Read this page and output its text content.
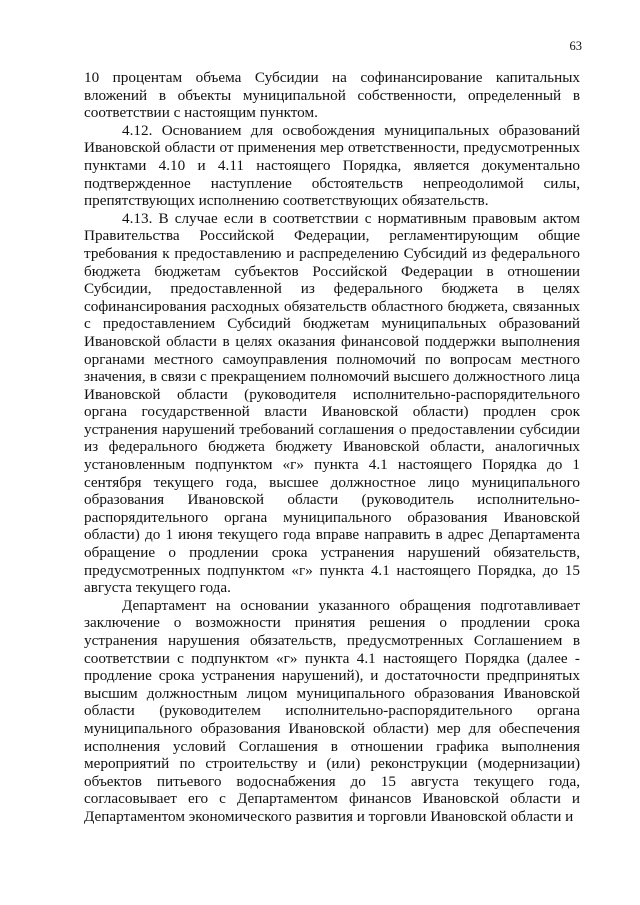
63

10 процентам объема Субсидии на софинансирование капитальных вложений в объекты муниципальной собственности, определенный в соответствии с настоящим пунктом.

4.12. Основанием для освобождения муниципальных образований Ивановской области от применения мер ответственности, предусмотренных пунктами 4.10 и 4.11 настоящего Порядка, является документально подтвержденное наступление обстоятельств непреодолимой силы, препятствующих исполнению соответствующих обязательств.

4.13. В случае если в соответствии с нормативным правовым актом Правительства Российской Федерации, регламентирующим общие требования к предоставлению и распределению Субсидий из федерального бюджета бюджетам субъектов Российской Федерации в отношении Субсидии, предоставленной из федерального бюджета в целях софинансирования расходных обязательств областного бюджета, связанных с предоставлением Субсидий бюджетам муниципальных образований Ивановской области в целях оказания финансовой поддержки выполнения органами местного самоуправления полномочий по вопросам местного значения, в связи с прекращением полномочий высшего должностного лица Ивановской области (руководителя исполнительно-распорядительного органа государственной власти Ивановской области) продлен срок устранения нарушений требований соглашения о предоставлении субсидии из федерального бюджета бюджету Ивановской области, аналогичных установленным подпунктом «г» пункта 4.1 настоящего Порядка до 1 сентября текущего года, высшее должностное лицо муниципального образования Ивановской области (руководитель исполнительно-распорядительного органа муниципального образования Ивановской области) до 1 июня текущего года вправе направить в адрес Департамента обращение о продлении срока устранения нарушений обязательств, предусмотренных подпунктом «г» пункта 4.1 настоящего Порядка, до 15 августа текущего года.

Департамент на основании указанного обращения подготавливает заключение о возможности принятия решения о продлении срока устранения нарушения обязательств, предусмотренных Соглашением в соответствии с подпунктом «г» пункта 4.1 настоящего Порядка (далее - продление срока устранения нарушений), и достаточности предпринятых высшим должностным лицом муниципального образования Ивановской области (руководителем исполнительно-распорядительного органа муниципального образования Ивановской области) мер для обеспечения исполнения условий Соглашения в отношении графика выполнения мероприятий по строительству и (или) реконструкции (модернизации) объектов питьевого водоснабжения до 15 августа текущего года, согласовывает его с Департаментом финансов Ивановской области и Департаментом экономического развития и торговли Ивановской области и
